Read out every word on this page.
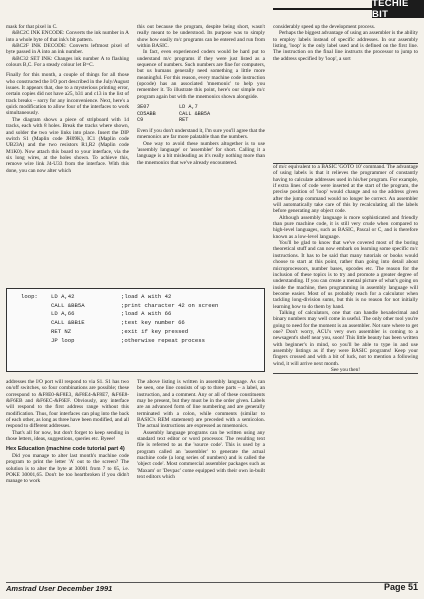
TECHIE BIT

mask for that pixel in C.

&BC2C INK ENCODE: Converts the ink number in A into a whole byte of that ink's bit pattern.

&BC2F INK DECODE: Converts leftmost pixel of byte passed in A into an ink number.

&BC32 SET INK: Changes ink number A to flashing colours B,C. For a steady colour let B=C.

Finally for this month, a couple of things for all those who constructed the I/O port described in the July/August issues. It appears that, due to a mysterious printing error, certain copies did not have a25, b31 and c13 in the list of track breaks – sorry for any inconvenience. Next, here's a quick modification to allow four of the interfaces to work simultaneously.

The diagram shows a piece of stripboard with 14 tracks, each with 8 holes. Break the tracks where shown, and solder the two wire links into place. Insert the DIP switch S1 (Maplin code JH09K), IC1 (Maplin code UB23A) and the two resistors R1,R2 (Maplin code M1K0). Now attach this board to your interface, via the six long wires, at the holes shown. To achieve this, remove wire link J4-U33 from the interface. With this done, you can now alter which

this out because the program, despite being short, wasn't really meant to be understood. Its purpose was to simply show how easily m/c programs can be entered and run from within BASIC.

In fact, even experienced coders would be hard put to understand m/c programs if they were just listed as a sequence of numbers. Such numbers are fine for computers, but us humans generally need something a little more meaningful. For this reason, every machine code instruction (opcode) has an associated 'mnemonic' to help you remember it. To illustrate this point, here's our simple m/c program again but with the mnemonics shown alongside.

3E07	LD A,7
CD5ABB	CALL &BB5A
C9	RET

Even if you don't understand it, I'm sure you'll agree that the mnemonics are far more palatable than the numbers.

One way to avoid these numbers altogether is to use 'assembly language' or 'assembler' for short. Calling it a language is a bit misleading as it's really nothing more than the mnemonics that we've already encountered.

loop:	LD A,42	;load A with 42
CALL &BB5A	;print character 42 on screen
LD A,66	;load A with 66
CALL &BB1E	;test key number 66
RET NZ	;exit if key pressed
JP loop	;otherwise repeat process

addresses the I/O port will respond to via S1. S1 has two on/off switches, so four combinations are possible; these correspond to &F8E0-&F8E3, &F8E4-&F8E7, &F6E8-&F6EB and &F6EC-&F6EF. Obviously, any interface will respond to the first address range without this modification. Thus, four interfaces can plug into the back of each other, as long as three have been modified, and all respond to different addresses.

That's all for now, but don't forget to keep sending in those letters, ideas, suggestions, queries etc. Byeee!

Hex Education (machine code tutorial part 4)

Did you manage to alter last month's machine code program to print the letter 'A' out to the screen? The solution is to alter the byte at 30001 from 7 to 65, i.e. POKE 30001,65. Don't be too heartbroken if you didn't manage to work

The above listing is written in assembly language. As can be seen, one line consists of up to three parts – a label, an instruction, and a comment. Any or all of these constituents may be present, but they must be in the order given. Labels are an advanced form of line numbering and are generally terminated with a colon, while comments (similar to BASIC's REM statement) are preceded with a semicolon. The actual instructions are expressed as mnemonics.

Assembly language programs can be written using any standard text editor or word processor. The resulting text file is referred to as the 'source code'. This is used by a program called an 'assembler' to generate the actual machine code (a long series of numbers) and is called the 'object code'. Most commercial assembler packages such as 'Maxam' or 'Devpac' come equipped with their own in-built text editors which

considerably speed up the development process.

Perhaps the biggest advantage of using an assembler is the ability to employ labels instead of specific addresses. In our assembly listing, 'loop' is the only label used and is defined on the first line. The instruction on the final line instructs the processor to jump to the address specified by 'loop', a sort

of m/c equivalent to a BASIC 'GOTO 10' command. The advantage of using labels is that it relieves the programmer of constantly having to calculate addresses used in his/her program. For example, if extra lines of code were inserted at the start of the program, the precise position of 'loop' would change and so the address given after the jump command would no longer be correct. An assembler will automatically take care of this by recalculating all the labels before generating any object code.

Although assembly language is more sophisticated and friendly than pure machine code, it is still very crude when compared to high-level languages, such as BASIC, Pascal or C, and is therefore known as a low-level language.

You'll be glad to know that we've covered most of the boring theoretical stuff and can now embark on learning some specific m/c instructions. It has to be said that many tutorials or books would choose to start at this point, rather than going into detail about microprocessors, number bases, opcodes etc. The reason for the inclusion of these topics is to try and promote a greater degree of understanding. If you can create a mental picture of what's going on inside the machine, then programming in assembly language will become easier. Most of us probably reach for a calculator when tackling long-division sums, but this is no reason for not initially learning how to do them by hand.

Talking of calculators, one that can handle hexadecimal and binary numbers may well come in useful. The only other tool you're going to need for the moment is an assembler. Not sure where to get one? Don't worry, ACU's very own assembler is coming to a newsagent's shelf near you, soon! This little beauty has been written with beginner's in mind, so you'll be able to type in and use assembly listings as if they were BASIC programs! Keep your fingers crossed and with a bit of luck, not to mention a following wind, it will arrive next month.

See you then!

Amstrad User December 1991	Page 51
